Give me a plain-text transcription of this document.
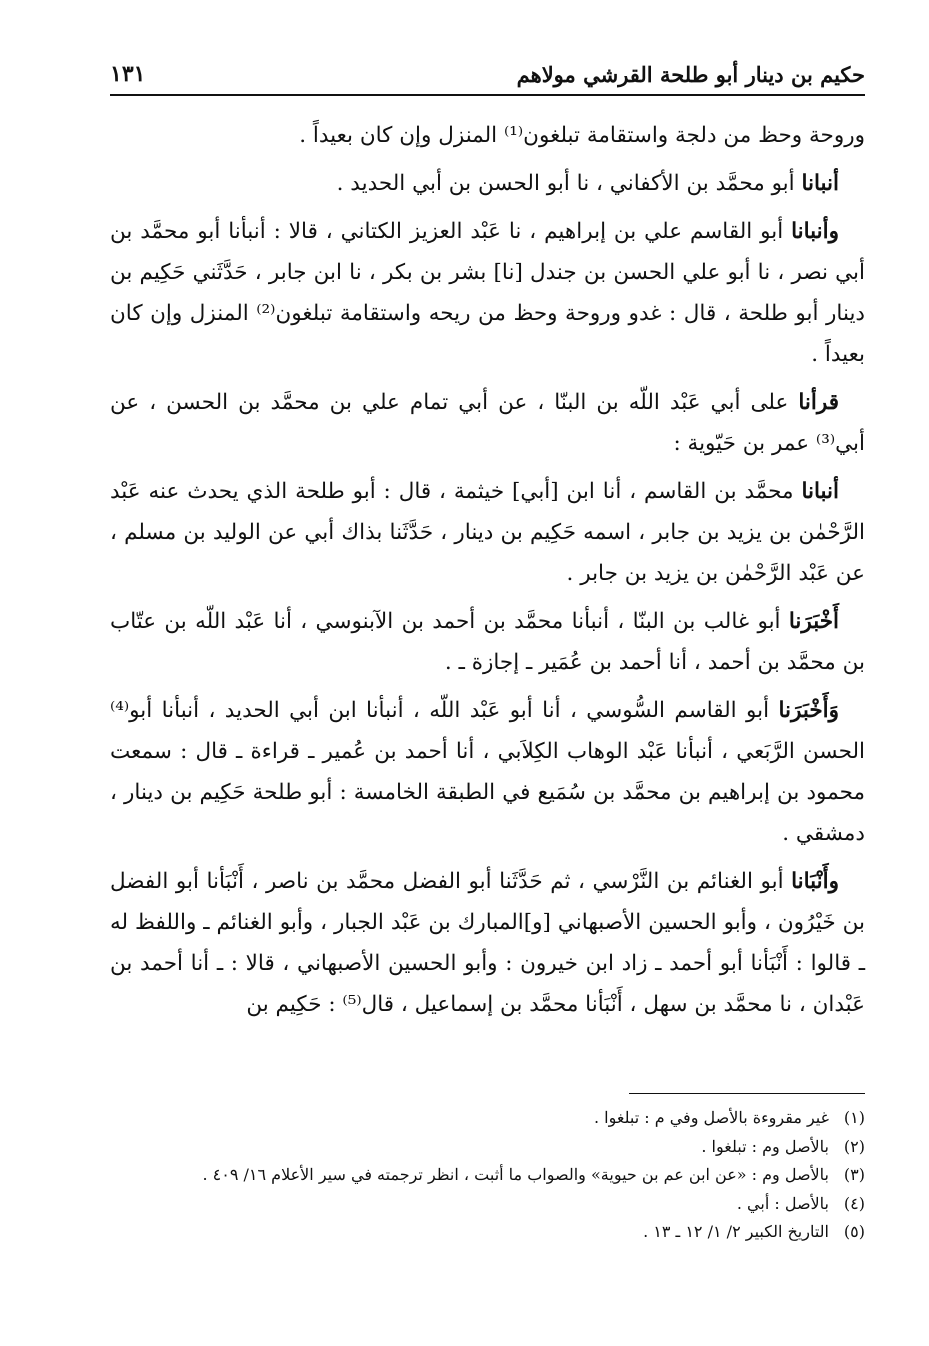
حكيم بن دينار أبو طلحة القرشي مولاهم
١٣١

وروحة وحظ من دلجة واستقامة تبلغون⁽¹⁾ المنزل وإن كان بعيداً .

أنبانا أبو محمَّد بن الأكفاني ، نا أبو الحسن بن أبي الحديد .

وأنبانا أبو القاسم علي بن إبراهيم ، نا عَبْد العزيز الكتاني ، قالا : أنبأنا أبو محمَّد بن أبي نصر ، نا أبو علي الحسن بن جندل [نا] بشر بن بكر ، نا ابن جابر ، حَدَّثَني حَكِيم بن دينار أبو طلحة ، قال : غدو وروحة وحظ من ريحه واستقامة تبلغون⁽²⁾ المنزل وإن كان بعيداً .

قرأنا على أبي عَبْد اللّه بن البنّا ، عن أبي تمام علي بن محمَّد بن الحسن ، عن أبي⁽³⁾ عمر بن حَيّوية :

أنبانا محمَّد بن القاسم ، أنا ابن [أبي] خيثمة ، قال : أبو طلحة الذي يحدث عنه عَبْد الرَّحْمٰن بن يزيد بن جابر ، اسمه حَكِيم بن دينار ، حَدَّثَنا بذاك أبي عن الوليد بن مسلم ، عن عَبْد الرَّحْمٰن بن يزيد بن جابر .

أَخْبَرَنا أبو غالب بن البنّا ، أنبأنا محمَّد بن أحمد بن الآبنوسي ، أنا عَبْد اللّه بن عتّاب بن محمَّد بن أحمد ، أنا أحمد بن عُمَير ـ إجازة ـ .

وَأَخْبَرَنا أبو القاسم السُّوسي ، أنا أبو عَبْد اللّه ، أنبأنا ابن أبي الحديد ، أنبأنا أبو⁽⁴⁾ الحسن الرَّبَعي ، أنبأنا عَبْد الوهاب الكِلاَبي ، أنا أحمد بن عُمير ـ قراءة ـ قال : سمعت محمود بن إبراهيم بن محمَّد بن سُمَيع في الطبقة الخامسة : أبو طلحة حَكِيم بن دينار ، دمشقي .

وأَنْبَانا أبو الغنائم بن النَّرْسي ، ثم حَدَّثَنا أبو الفضل محمَّد بن ناصر ، أَنْبَأنا أبو الفضل بن خَيْرُون ، وأبو الحسين الأصبهاني [و]المبارك بن عَبْد الجبار ، وأبو الغنائم ـ واللفظ له ـ قالوا : أَنْبَأنا أبو أحمد ـ زاد ابن خيرون : وأبو الحسين الأصبهاني ، قالا : ـ أنا أحمد بن عَبْدان ، نا محمَّد بن سهل ، أَنْبَأنا محمَّد بن إسماعيل ، قال⁽⁵⁾ : حَكِيم بن

(١)
غير مقروءة بالأصل وفي م : تبلغوا .
(٢)
بالأصل وم : تبلغوا .
(٣)
بالأصل وم : «عن ابن عم بن حيوية» والصواب ما أثبت ، انظر ترجمته في سير الأعلام ١٦/ ٤٠٩ .
(٤)
بالأصل : أبي .
(٥)
التاريخ الكبير ٢/ ١/ ١٢ ـ ١٣ .
